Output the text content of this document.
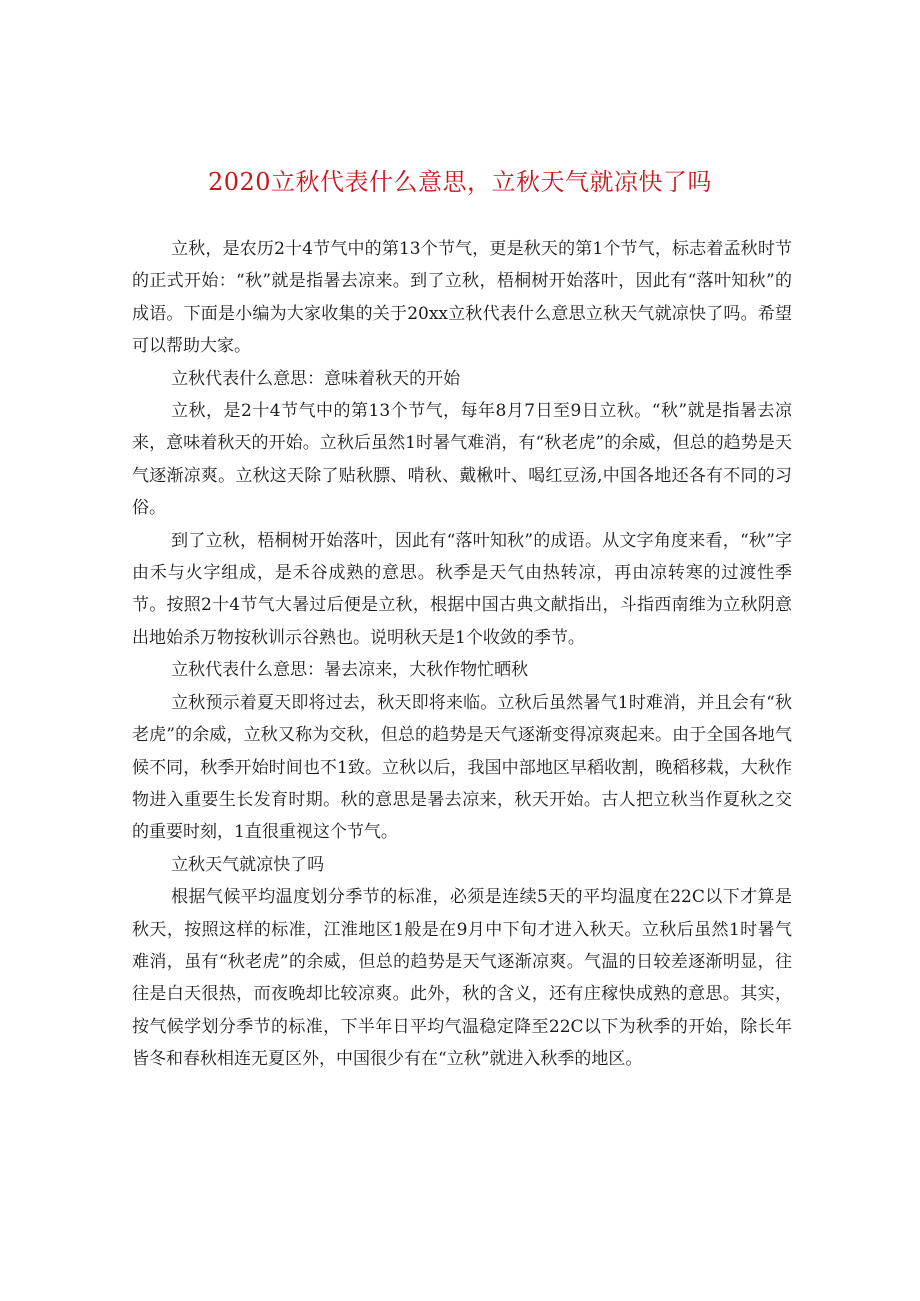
2020立秋代表什么意思，立秋天气就凉快了吗

立秋，是农历2十4节气中的第13个节气，更是秋天的第1个节气，标志着孟秋时节的正式开始：“秋”就是指暑去凉来。到了立秋，梧桐树开始落叶，因此有“落叶知秋”的成语。下面是小编为大家收集的关于20xx立秋代表什么意思立秋天气就凉快了吗。希望可以帮助大家。

立秋代表什么意思：意味着秋天的开始

立秋，是2十4节气中的第13个节气，每年8月7日至9日立秋。“秋”就是指暑去凉来，意味着秋天的开始。立秋后虽然1时暑气难消，有“秋老虎”的余威，但总的趋势是天气逐渐凉爽。立秋这天除了贴秋膘、啃秋、戴楸叶、喝红豆汤,中国各地还各有不同的习俗。

到了立秋，梧桐树开始落叶，因此有“落叶知秋”的成语。从文字角度来看，“秋”字由禾与火字组成，是禾谷成熟的意思。秋季是天气由热转凉，再由凉转寒的过渡性季节。按照2十4节气大暑过后便是立秋，根据中国古典文献指出，斗指西南维为立秋阴意出地始杀万物按秋训示谷熟也。说明秋天是1个收敛的季节。

立秋代表什么意思：暑去凉来，大秋作物忙晒秋

立秋预示着夏天即将过去，秋天即将来临。立秋后虽然暑气1时难消，并且会有“秋老虎”的余威，立秋又称为交秋，但总的趋势是天气逐渐变得凉爽起来。由于全国各地气候不同，秋季开始时间也不1致。立秋以后，我国中部地区早稻收割，晚稻移栽，大秋作物进入重要生长发育时期。秋的意思是暑去凉来，秋天开始。古人把立秋当作夏秋之交的重要时刻，1直很重视这个节气。

立秋天气就凉快了吗

根据气候平均温度划分季节的标准，必须是连续5天的平均温度在22C以下才算是秋天，按照这样的标准，江淮地区1般是在9月中下旬才进入秋天。立秋后虽然1时暑气难消，虽有“秋老虎”的余威，但总的趋势是天气逐渐凉爽。气温的日较差逐渐明显，往往是白天很热，而夜晚却比较凉爽。此外，秋的含义，还有庄稼快成熟的意思。其实，按气候学划分季节的标准，下半年日平均气温稳定降至22C以下为秋季的开始，除长年皆冬和春秋相连无夏区外，中国很少有在“立秋”就进入秋季的地区。
